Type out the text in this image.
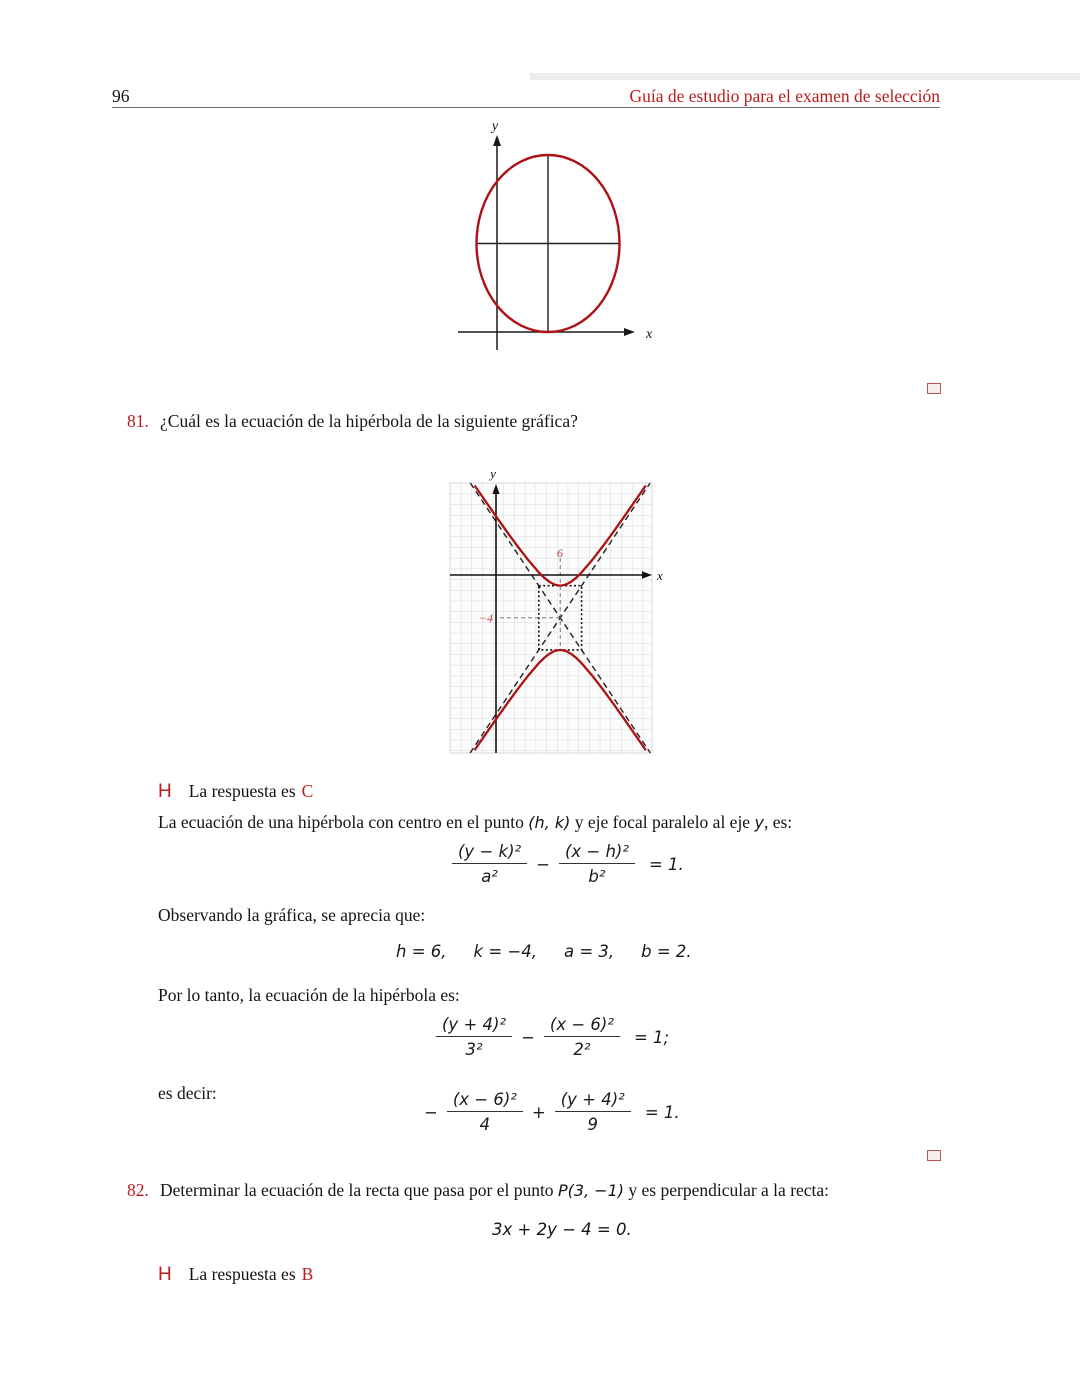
96	Guía de estudio para el examen de selección
y
x
81. ¿Cuál es la ecuación de la hipérbola de la siguiente gráfica?
y
x
6
−4
H La respuesta es C
La ecuación de una hipérbola con centro en el punto (h, k) y eje focal paralelo al eje y, es:
$\frac{\text{(y − k)²}}{\text{a²}} - \frac{\text{(x − h)²}}{\text{b²}} = 1$.
Observando la gráfica, se aprecia que:
h = 6, k = −4, a = 3, b = 2.
Por lo tanto, la ecuación de la hipérbola es:
$\frac{\text{(y + 4)²}}{\text{3²}} - \frac{\text{(x − 6)²}}{\text{2²}} = 1$;
es decir:
− $\frac{\text{(x − 6)²}}{4} + \frac{\text{(y + 4)²}}{9} = 1$.
82. Determinar la ecuación de la recta que pasa por el punto P(3, −1) y es perpendicular a la recta:
3x + 2y − 4 = 0.
H La respuesta es B
